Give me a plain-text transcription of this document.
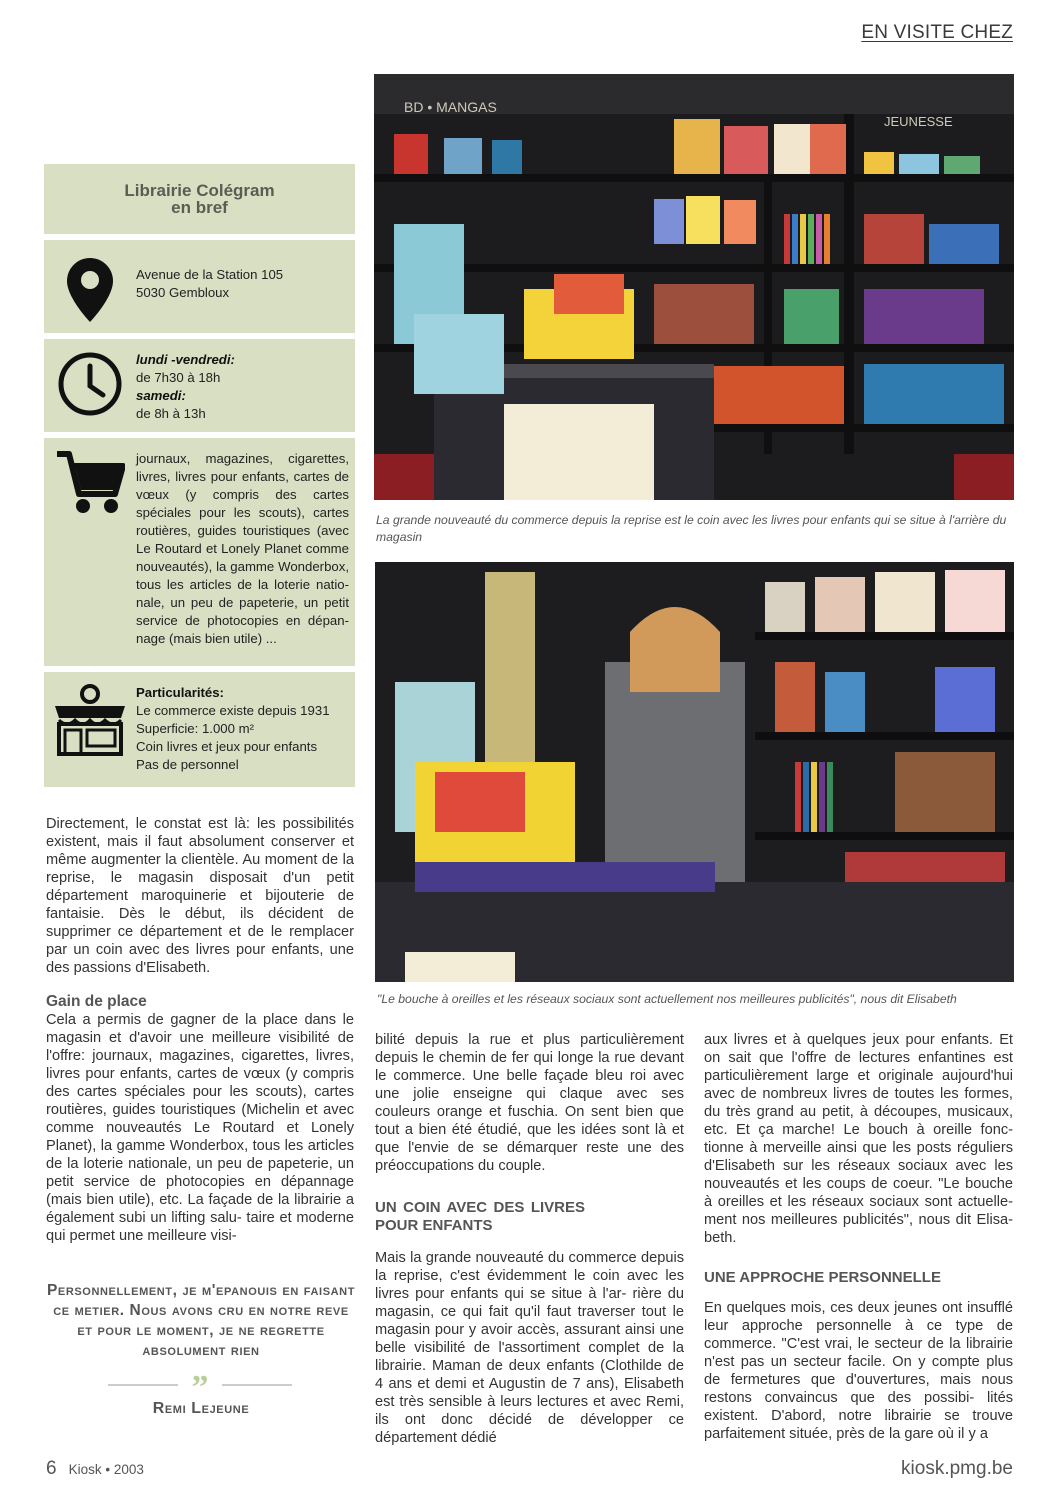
EN VISITE CHEZ
Librairie Colégram
en bref
Avenue de la Station 105
5030 Gembloux
lundi -vendredi:
de 7h30 à 18h
samedi:
de 8h à 13h
journaux, magazines, cigarettes, livres, livres pour enfants, cartes de vœux (y compris des cartes spéciales pour les scouts), cartes routières, guides touristiques (avec Le Routard et Lonely Planet comme nouveautés), la gamme Wonderbox, tous les articles de la loterie natio- nale, un peu de papeterie, un petit service de photocopies en dépan- nage (mais bien utile) ...
Particularités:
Le commerce existe depuis 1931
Superficie: 1.000 m²
Coin livres et jeux pour enfants
Pas de personnel
BD • MANGAS
JEUNESSE
La grande nouveauté du commerce depuis la reprise est le coin avec les livres pour enfants qui se situe à l'arrière du magasin
"Le bouche à oreilles et les réseaux sociaux sont actuellement nos meilleures publicités", nous dit Elisabeth

Directement, le constat est là: les possibilités existent, mais il faut absolument conserver et même augmenter la clientèle. Au moment de la reprise, le magasin disposait d'un petit département maroquinerie et bijouterie de fantaisie. Dès le début, ils décident de supprimer ce département et de le remplacer par un coin avec des livres pour enfants, une des passions d'Elisabeth.

Gain de place

Cela a permis de gagner de la place dans le magasin et d'avoir une meilleure visibilité de l'offre: journaux, magazines, cigarettes, livres, livres pour enfants, cartes de vœux (y compris des cartes spéciales pour les scouts), cartes routières, guides touristiques (Michelin et avec comme nouveautés Le Routard et Lonely Planet), la gamme Wonderbox, tous les articles de la loterie nationale, un peu de papeterie, un petit service de photocopies en dépannage (mais bien utile), etc. La façade de la librairie a également subi un lifting salu- taire et moderne qui permet une meilleure visi-

bilité depuis la rue et plus particulièrement depuis le chemin de fer qui longe la rue devant le commerce. Une belle façade bleu roi avec une jolie enseigne qui claque avec ses couleurs orange et fuschia. On sent bien que tout a bien été étudié, que les idées sont là et que l'envie de se démarquer reste une des préoccupations du couple.

UN COIN AVEC DES LIVRES POUR ENFANTS

Mais la grande nouveauté du commerce depuis la reprise, c'est évidemment le coin avec les livres pour enfants qui se situe à l'ar- rière du magasin, ce qui fait qu'il faut traverser tout le magasin pour y avoir accès, assurant ainsi une belle visibilité de l'assortiment complet de la librairie. Maman de deux enfants (Clothilde de 4 ans et demi et Augustin de 7 ans), Elisabeth est très sensible à leurs lectures et avec Remi, ils ont donc décidé de développer ce département dédié

aux livres et à quelques jeux pour enfants. Et on sait que l'offre de lectures enfantines est particulièrement large et originale aujourd'hui avec de nombreux livres de toutes les formes, du très grand au petit, à découpes, musicaux, etc. Et ça marche! Le bouch à oreille fonc- tionne à merveille ainsi que les posts réguliers d'Elisabeth sur les réseaux sociaux avec les nouveautés et les coups de coeur. "Le bouche à oreilles et les réseaux sociaux sont actuelle- ment nos meilleures publicités", nous dit Elisa- beth.

UNE APPROCHE PERSONNELLE

En quelques mois, ces deux jeunes ont insufflé leur approche personnelle à ce type de commerce. "C'est vrai, le secteur de la librairie n'est pas un secteur facile. On y compte plus de fermetures que d'ouvertures, mais nous restons convaincus que des possibi- lités existent. D'abord, notre librairie se trouve parfaitement située, près de la gare où il y a

Personnellement, je m'epanouis en faisant ce metier. Nous avons cru en notre reve et pour le moment, je ne regrette absolument rien
”
Remi Lejeune
6 Kiosk • 2003	kiosk.pmg.be
